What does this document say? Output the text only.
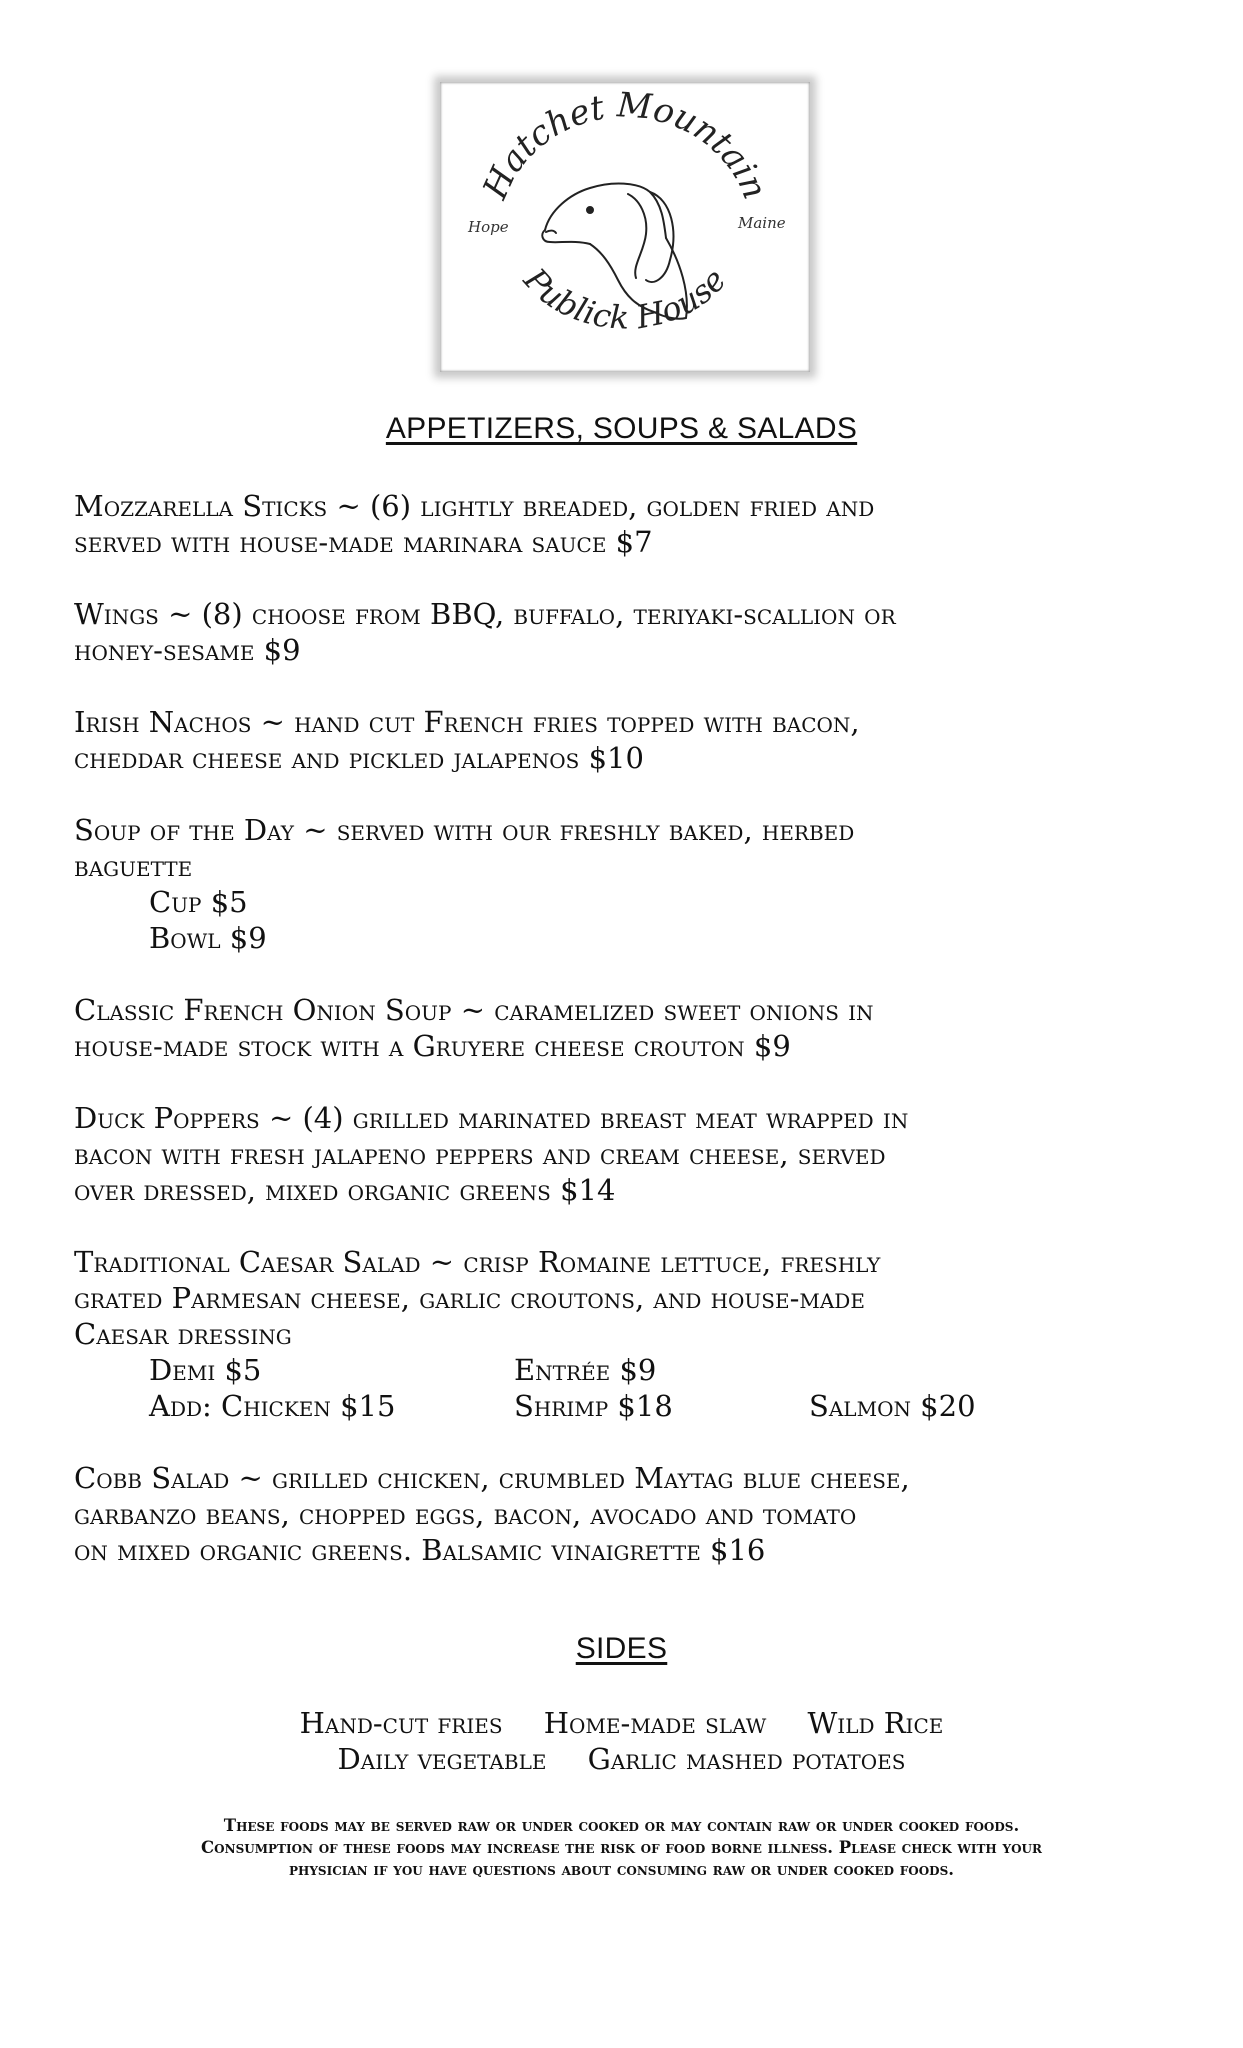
Hatchet Mountain
Publick House
Hope	Maine
APPETIZERS, SOUPS & SALADS
Mozzarella Sticks ~ (6) lightly breaded, golden fried and
served with house-made marinara sauce $7
Wings ~ (8) choose from BBQ, buffalo, teriyaki-scallion or
honey-sesame $9
Irish Nachos ~ hand cut French fries topped with bacon,
cheddar cheese and pickled jalapenos $10
Soup of the Day ~ served with our freshly baked, herbed
baguette
Cup $5
Bowl $9
Classic French Onion Soup ~ caramelized sweet onions in
house-made stock with a Gruyere cheese crouton $9
Duck Poppers ~ (4) grilled marinated breast meat wrapped in
bacon with fresh jalapeno peppers and cream cheese, served
over dressed, mixed organic greens $14
Traditional Caesar Salad ~ crisp Romaine lettuce, freshly
grated Parmesan cheese, garlic croutons, and house-made
Caesar dressing
Demi $5	Entrée $9
Add: Chicken $15	Shrimp $18	Salmon $20
Cobb Salad ~ grilled chicken, crumbled Maytag blue cheese,
garbanzo beans, chopped eggs, bacon, avocado and tomato
on mixed organic greens. Balsamic vinaigrette $16
SIDES
Hand-cut fries Home-made slaw Wild Rice
Daily vegetable Garlic mashed potatoes
These foods may be served raw or under cooked or may contain raw or under cooked foods.
Consumption of these foods may increase the risk of food borne illness. Please check with your
physician if you have questions about consuming raw or under cooked foods.
